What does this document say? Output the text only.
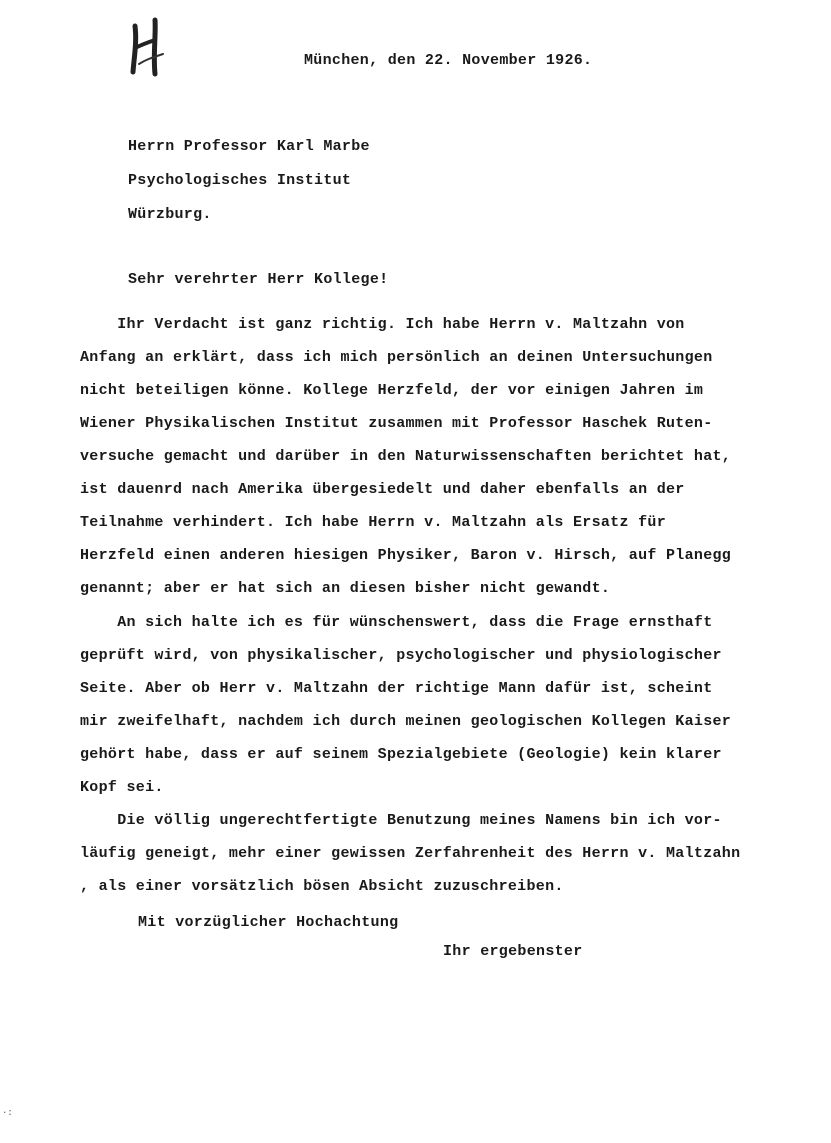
München, den 22. November 1926.
Herrn Professor Karl Marbe
Psychologisches Institut
Würzburg.
Sehr verehrter Herr Kollege!
Ihr Verdacht ist ganz richtig. Ich habe Herrn v. Maltzahn von
Anfang an erklärt, dass ich mich persönlich an deinen Untersuchungen
nicht beteiligen könne. Kollege Herzfeld, der vor einigen Jahren im
Wiener Physikalischen Institut zusammen mit Professor Haschek Ruten-
versuche gemacht und darüber in den Naturwissenschaften berichtet hat,
ist dauenrd nach Amerika übergesiedelt und daher ebenfalls an der
Teilnahme verhindert. Ich habe Herrn v. Maltzahn als Ersatz für
Herzfeld einen anderen hiesigen Physiker, Baron v. Hirsch, auf Planegg
genannt; aber er hat sich an diesen bisher nicht gewandt.
An sich halte ich es für wünschenswert, dass die Frage ernsthaft
geprüft wird, von physikalischer, psychologischer und physiologischer
Seite. Aber ob Herr v. Maltzahn der richtige Mann dafür ist, scheint
mir zweifelhaft, nachdem ich durch meinen geologischen Kollegen Kaiser
gehört habe, dass er auf seinem Spezialgebiete (Geologie) kein klarer
Kopf sei.
Die völlig ungerechtfertigte Benutzung meines Namens bin ich vor-
läufig geneigt, mehr einer gewissen Zerfahrenheit des Herrn v. Maltzahn
, als einer vorsätzlich bösen Absicht zuzuschreiben.
Mit vorzüglicher Hochachtung
Ihr ergebenster
·:
